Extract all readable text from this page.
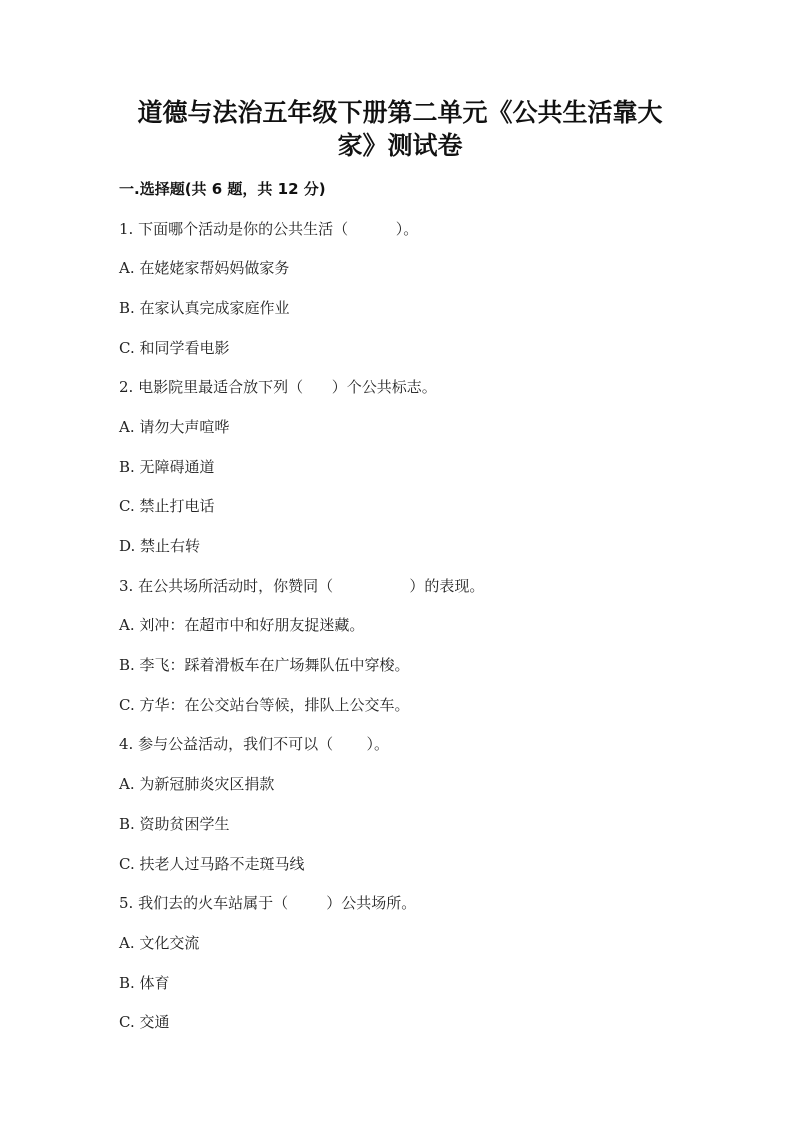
道德与法治五年级下册第二单元《公共生活靠大
家》测试卷
一.选择题(共 6 题，共 12 分)
1. 下面哪个活动是你的公共生活（          ）。
A. 在姥姥家帮妈妈做家务
B. 在家认真完成家庭作业
C. 和同学看电影
2. 电影院里最适合放下列（      ）个公共标志。
A. 请勿大声喧哗
B. 无障碍通道
C. 禁止打电话
D. 禁止右转
3. 在公共场所活动时，你赞同（                ）的表现。
A. 刘冲：在超市中和好朋友捉迷藏。
B. 李飞：踩着滑板车在广场舞队伍中穿梭。
C. 方华：在公交站台等候，排队上公交车。
4. 参与公益活动，我们不可以（       ）。
A. 为新冠肺炎灾区捐款
B. 资助贫困学生
C. 扶老人过马路不走斑马线
5. 我们去的火车站属于（        ）公共场所。
A. 文化交流
B. 体育
C. 交通
